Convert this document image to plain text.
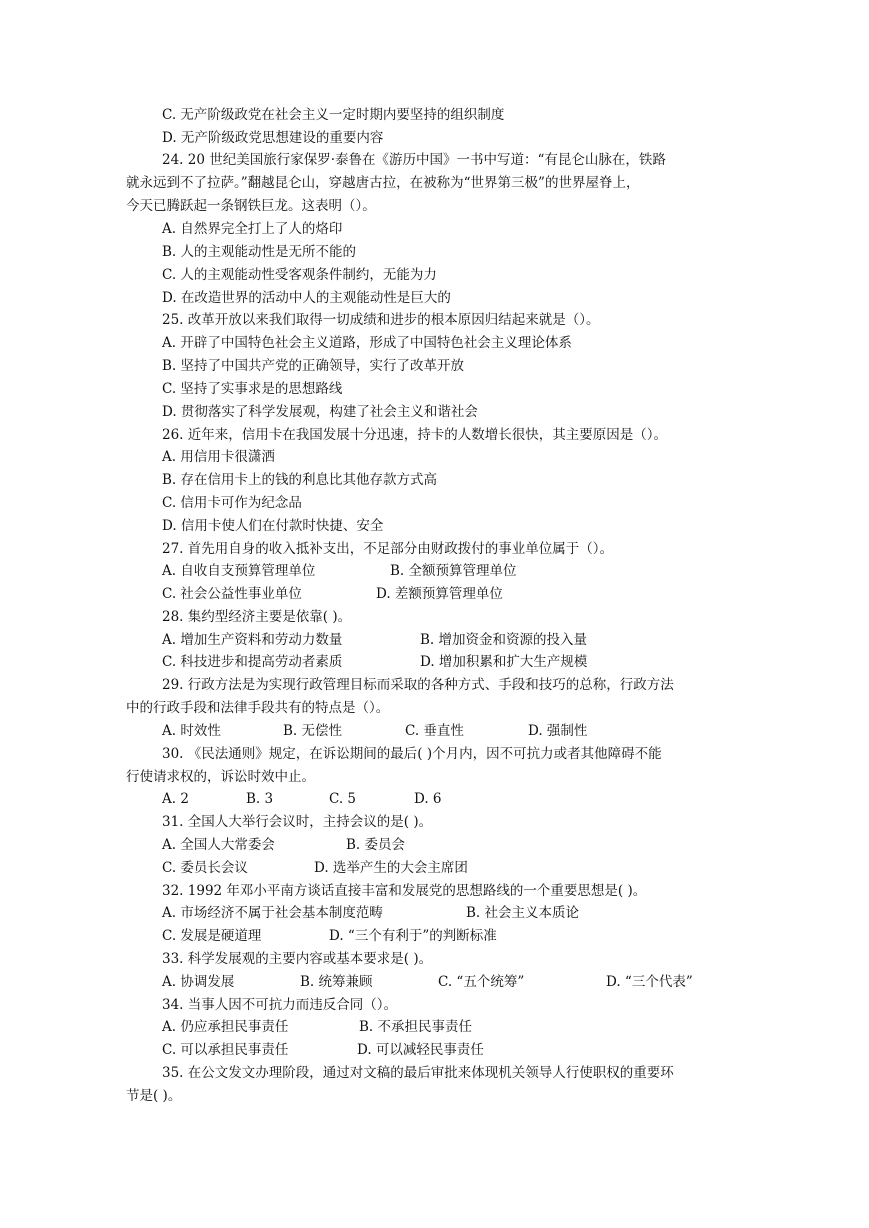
C. 无产阶级政党在社会主义一定时期内要坚持的组织制度
D. 无产阶级政党思想建设的重要内容
24. 20 世纪美国旅行家保罗·泰鲁在《游历中国》一书中写道：“有昆仑山脉在，铁路
就永远到不了拉萨。”翻越昆仑山，穿越唐古拉，在被称为“世界第三极”的世界屋脊上，
今天已腾跃起一条钢铁巨龙。这表明（）。
A. 自然界完全打上了人的烙印
B. 人的主观能动性是无所不能的
C. 人的主观能动性受客观条件制约，无能为力
D. 在改造世界的活动中人的主观能动性是巨大的
25. 改革开放以来我们取得一切成绩和进步的根本原因归结起来就是（）。
A. 开辟了中国特色社会主义道路，形成了中国特色社会主义理论体系
B. 坚持了中国共产党的正确领导，实行了改革开放
C. 坚持了实事求是的思想路线
D. 贯彻落实了科学发展观，构建了社会主义和谐社会
26. 近年来，信用卡在我国发展十分迅速，持卡的人数增长很快，其主要原因是（）。
A. 用信用卡很潇洒
B. 存在信用卡上的钱的利息比其他存款方式高
C. 信用卡可作为纪念品
D. 信用卡使人们在付款时快捷、安全
27. 首先用自身的收入抵补支出，不足部分由财政拨付的事业单位属于（）。
A. 自收自支预算管理单位	B. 全额预算管理单位
C. 社会公益性事业单位	D. 差额预算管理单位
28. 集约型经济主要是依靠( )。
A. 增加生产资料和劳动力数量	B. 增加资金和资源的投入量
C. 科技进步和提高劳动者素质	D. 增加积累和扩大生产规模
29. 行政方法是为实现行政管理目标而采取的各种方式、手段和技巧的总称，行政方法
中的行政手段和法律手段共有的特点是（）。
A. 时效性	B. 无偿性	C. 垂直性	D. 强制性
30. 《民法通则》规定，在诉讼期间的最后( )个月内，因不可抗力或者其他障碍不能
行使请求权的，诉讼时效中止。
A. 2	B. 3	C. 5	D. 6
31. 全国人大举行会议时，主持会议的是( )。
A. 全国人大常委会	B. 委员会
C. 委员长会议	D. 选举产生的大会主席团
32. 1992 年邓小平南方谈话直接丰富和发展党的思想路线的一个重要思想是( )。
A. 市场经济不属于社会基本制度范畴	B. 社会主义本质论
C. 发展是硬道理	D. “三个有利于”的判断标准
33. 科学发展观的主要内容或基本要求是( )。
A. 协调发展	B. 统筹兼顾	C. “五个统筹”	D. “三个代表”
34. 当事人因不可抗力而违反合同（）。
A. 仍应承担民事责任	B. 不承担民事责任
C. 可以承担民事责任	D. 可以减轻民事责任
35. 在公文发文办理阶段，通过对文稿的最后审批来体现机关领导人行使职权的重要环
节是( )。
